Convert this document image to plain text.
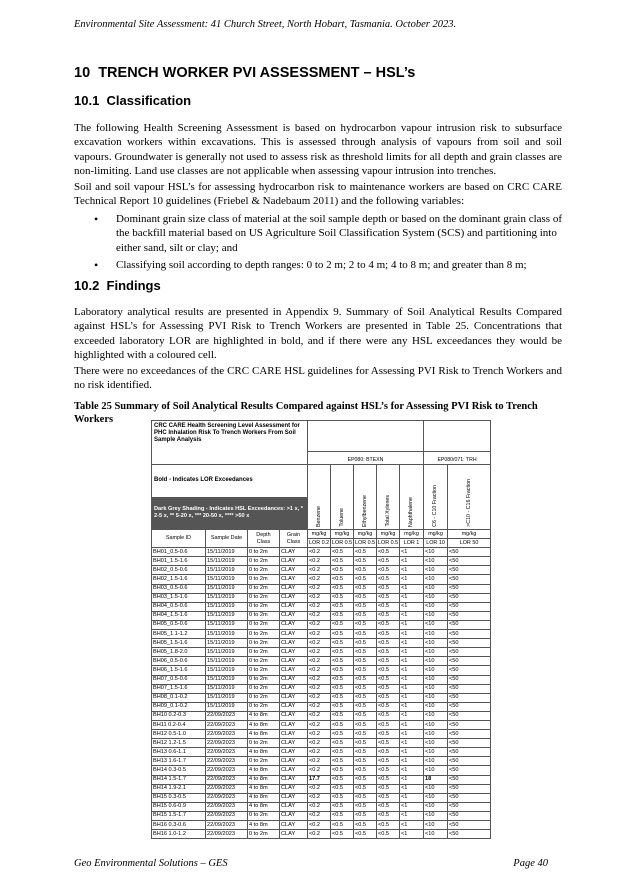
Environmental Site Assessment: 41 Church Street, North Hobart, Tasmania. October 2023.
10 TRENCH WORKER PVI ASSESSMENT – HSL’s
10.1 Classification

The following Health Screening Assessment is based on hydrocarbon vapour intrusion risk to subsurface excavation workers within excavations. This is assessed through analysis of vapours from soil and soil vapours. Groundwater is generally not used to assess risk as threshold limits for all depth and grain classes are non-limiting. Land use classes are not applicable when assessing vapour intrusion into trenches.

Soil and soil vapour HSL’s for assessing hydrocarbon risk to maintenance workers are based on CRC CARE Technical Report 10 guidelines (Friebel & Nadebaum 2011) and the following variables:

• Dominant grain size class of material at the soil sample depth or based on the dominant grain class of the backfill material based on US Agriculture Soil Classification System (SCS) and partitioning into either sand, silt or clay; and
• Classifying soil according to depth ranges: 0 to 2 m; 2 to 4 m; 4 to 8 m; and greater than 8 m;
10.2 Findings

Laboratory analytical results are presented in Appendix 9. Summary of Soil Analytical Results Compared against HSL’s for Assessing PVI Risk to Trench Workers are presented in Table 25. Concentrations that exceeded laboratory LOR are highlighted in bold, and if there were any HSL exceedances they would be highlighted with a coloured cell.

There were no exceedances of the CRC CARE HSL guidelines for Assessing PVI Risk to Trench Workers and no risk identified.

Table 25 Summary of Soil Analytical Results Compared against HSL’s for Assessing PVI Risk to Trench Workers

CRC CARE Health Screening Level Assessment for PHC Inhalation Risk To Trench Workers From Soil Sample Analysis										
				EP080: BTEXN					EP080/071: TRH	
Bold - Indicates LOR Exceedances				Benzene	Toluene	Ethylbenzene	Total Xylenes	Naphthalene	C6 - C10 Fraction	>C10 - C16 Fraction

Dark Grey Shading - Indicates HSL Exceedances: >1 x, * 2-5 x, ** 5-20 x, *** 20-50 x, **** >50 x										
Sample ID	Sample Date	Depth Class	Grain Class	mg/kg	mg/kg	mg/kg	mg/kg	mg/kg	mg/kg	mg/kg
				LOR 0.2	LOR 0.5	LOR 0.5	LOR 0.5	LOR 1	LOR 10	LOR 50
BH01_0.5-0.6	15/11/2019	0 to 2m	CLAY	<0.2	<0.5	<0.5	<0.5	<1	<10	<50
BH01_1.5-1.6	15/11/2019	0 to 2m	CLAY	<0.2	<0.5	<0.5	<0.5	<1	<10	<50
BH02_0.5-0.6	15/11/2019	0 to 2m	CLAY	<0.2	<0.5	<0.5	<0.5	<1	<10	<50
BH02_1.5-1.6	15/11/2019	0 to 2m	CLAY	<0.2	<0.5	<0.5	<0.5	<1	<10	<50
BH03_0.5-0.6	15/11/2019	0 to 2m	CLAY	<0.2	<0.5	<0.5	<0.5	<1	<10	<50
BH03_1.5-1.6	15/11/2019	0 to 2m	CLAY	<0.2	<0.5	<0.5	<0.5	<1	<10	<50
BH04_0.5-0.6	15/11/2019	0 to 2m	CLAY	<0.2	<0.5	<0.5	<0.5	<1	<10	<50
BH04_1.5-1.6	15/11/2019	0 to 2m	CLAY	<0.2	<0.5	<0.5	<0.5	<1	<10	<50
BH05_0.5-0.6	15/11/2019	0 to 2m	CLAY	<0.2	<0.5	<0.5	<0.5	<1	<10	<50
BH05_1.1-1.2	15/11/2019	0 to 2m	CLAY	<0.2	<0.5	<0.5	<0.5	<1	<10	<50
BH05_1.5-1.6	15/11/2019	0 to 2m	CLAY	<0.2	<0.5	<0.5	<0.5	<1	<10	<50
BH05_1.8-2.0	15/11/2019	0 to 2m	CLAY	<0.2	<0.5	<0.5	<0.5	<1	<10	<50
BH06_0.5-0.6	15/11/2019	0 to 2m	CLAY	<0.2	<0.5	<0.5	<0.5	<1	<10	<50
BH06_1.5-1.6	15/11/2019	0 to 2m	CLAY	<0.2	<0.5	<0.5	<0.5	<1	<10	<50
BH07_0.5-0.6	15/11/2019	0 to 2m	CLAY	<0.2	<0.5	<0.5	<0.5	<1	<10	<50
BH07_1.5-1.6	15/11/2019	0 to 2m	CLAY	<0.2	<0.5	<0.5	<0.5	<1	<10	<50
BH08_0.1-0.2	15/11/2019	0 to 2m	CLAY	<0.2	<0.5	<0.5	<0.5	<1	<10	<50
BH09_0.1-0.2	15/11/2019	0 to 2m	CLAY	<0.2	<0.5	<0.5	<0.5	<1	<10	<50
BH10 0.2-0.3	22/09/2023	4 to 8m	CLAY	<0.2	<0.5	<0.5	<0.5	<1	<10	<50
BH11 0.2-0.4	22/09/2023	4 to 8m	CLAY	<0.2	<0.5	<0.5	<0.5	<1	<10	<50
BH12 0.5-1.0	22/09/2023	4 to 8m	CLAY	<0.2	<0.5	<0.5	<0.5	<1	<10	<50
BH12 1.2-1.5	22/09/2023	0 to 2m	CLAY	<0.2	<0.5	<0.5	<0.5	<1	<10	<50
BH13 0.6-1.1	22/09/2023	4 to 8m	CLAY	<0.2	<0.5	<0.5	<0.5	<1	<10	<50
BH13 1.6-1.7	22/09/2023	0 to 2m	CLAY	<0.2	<0.5	<0.5	<0.5	<1	<10	<50
BH14 0.3-0.5	22/09/2023	4 to 8m	CLAY	<0.2	<0.5	<0.5	<0.5	<1	<10	<50
BH14 1.5-1.7	22/09/2023	4 to 8m	CLAY	17.7	<0.5	<0.5	<0.5	<1	18	<50
BH14 1.9-2.1	22/09/2023	4 to 8m	CLAY	<0.2	<0.5	<0.5	<0.5	<1	<10	<50
BH15 0.3-0.5	22/09/2023	4 to 8m	CLAY	<0.2	<0.5	<0.5	<0.5	<1	<10	<50
BH15 0.6-0.9	22/09/2023	4 to 8m	CLAY	<0.2	<0.5	<0.5	<0.5	<1	<10	<50
BH15 1.5-1.7	22/09/2023	0 to 2m	CLAY	<0.2	<0.5	<0.5	<0.5	<1	<10	<50
BH16 0.3-0.6	22/09/2023	4 to 8m	CLAY	<0.2	<0.5	<0.5	<0.5	<1	<10	<50
BH16 1.0-1.2	22/09/2023	0 to 2m	CLAY	<0.2	<0.5	<0.5	<0.5	<1	<10	<50
Geo Environmental Solutions – GES	Page 40
